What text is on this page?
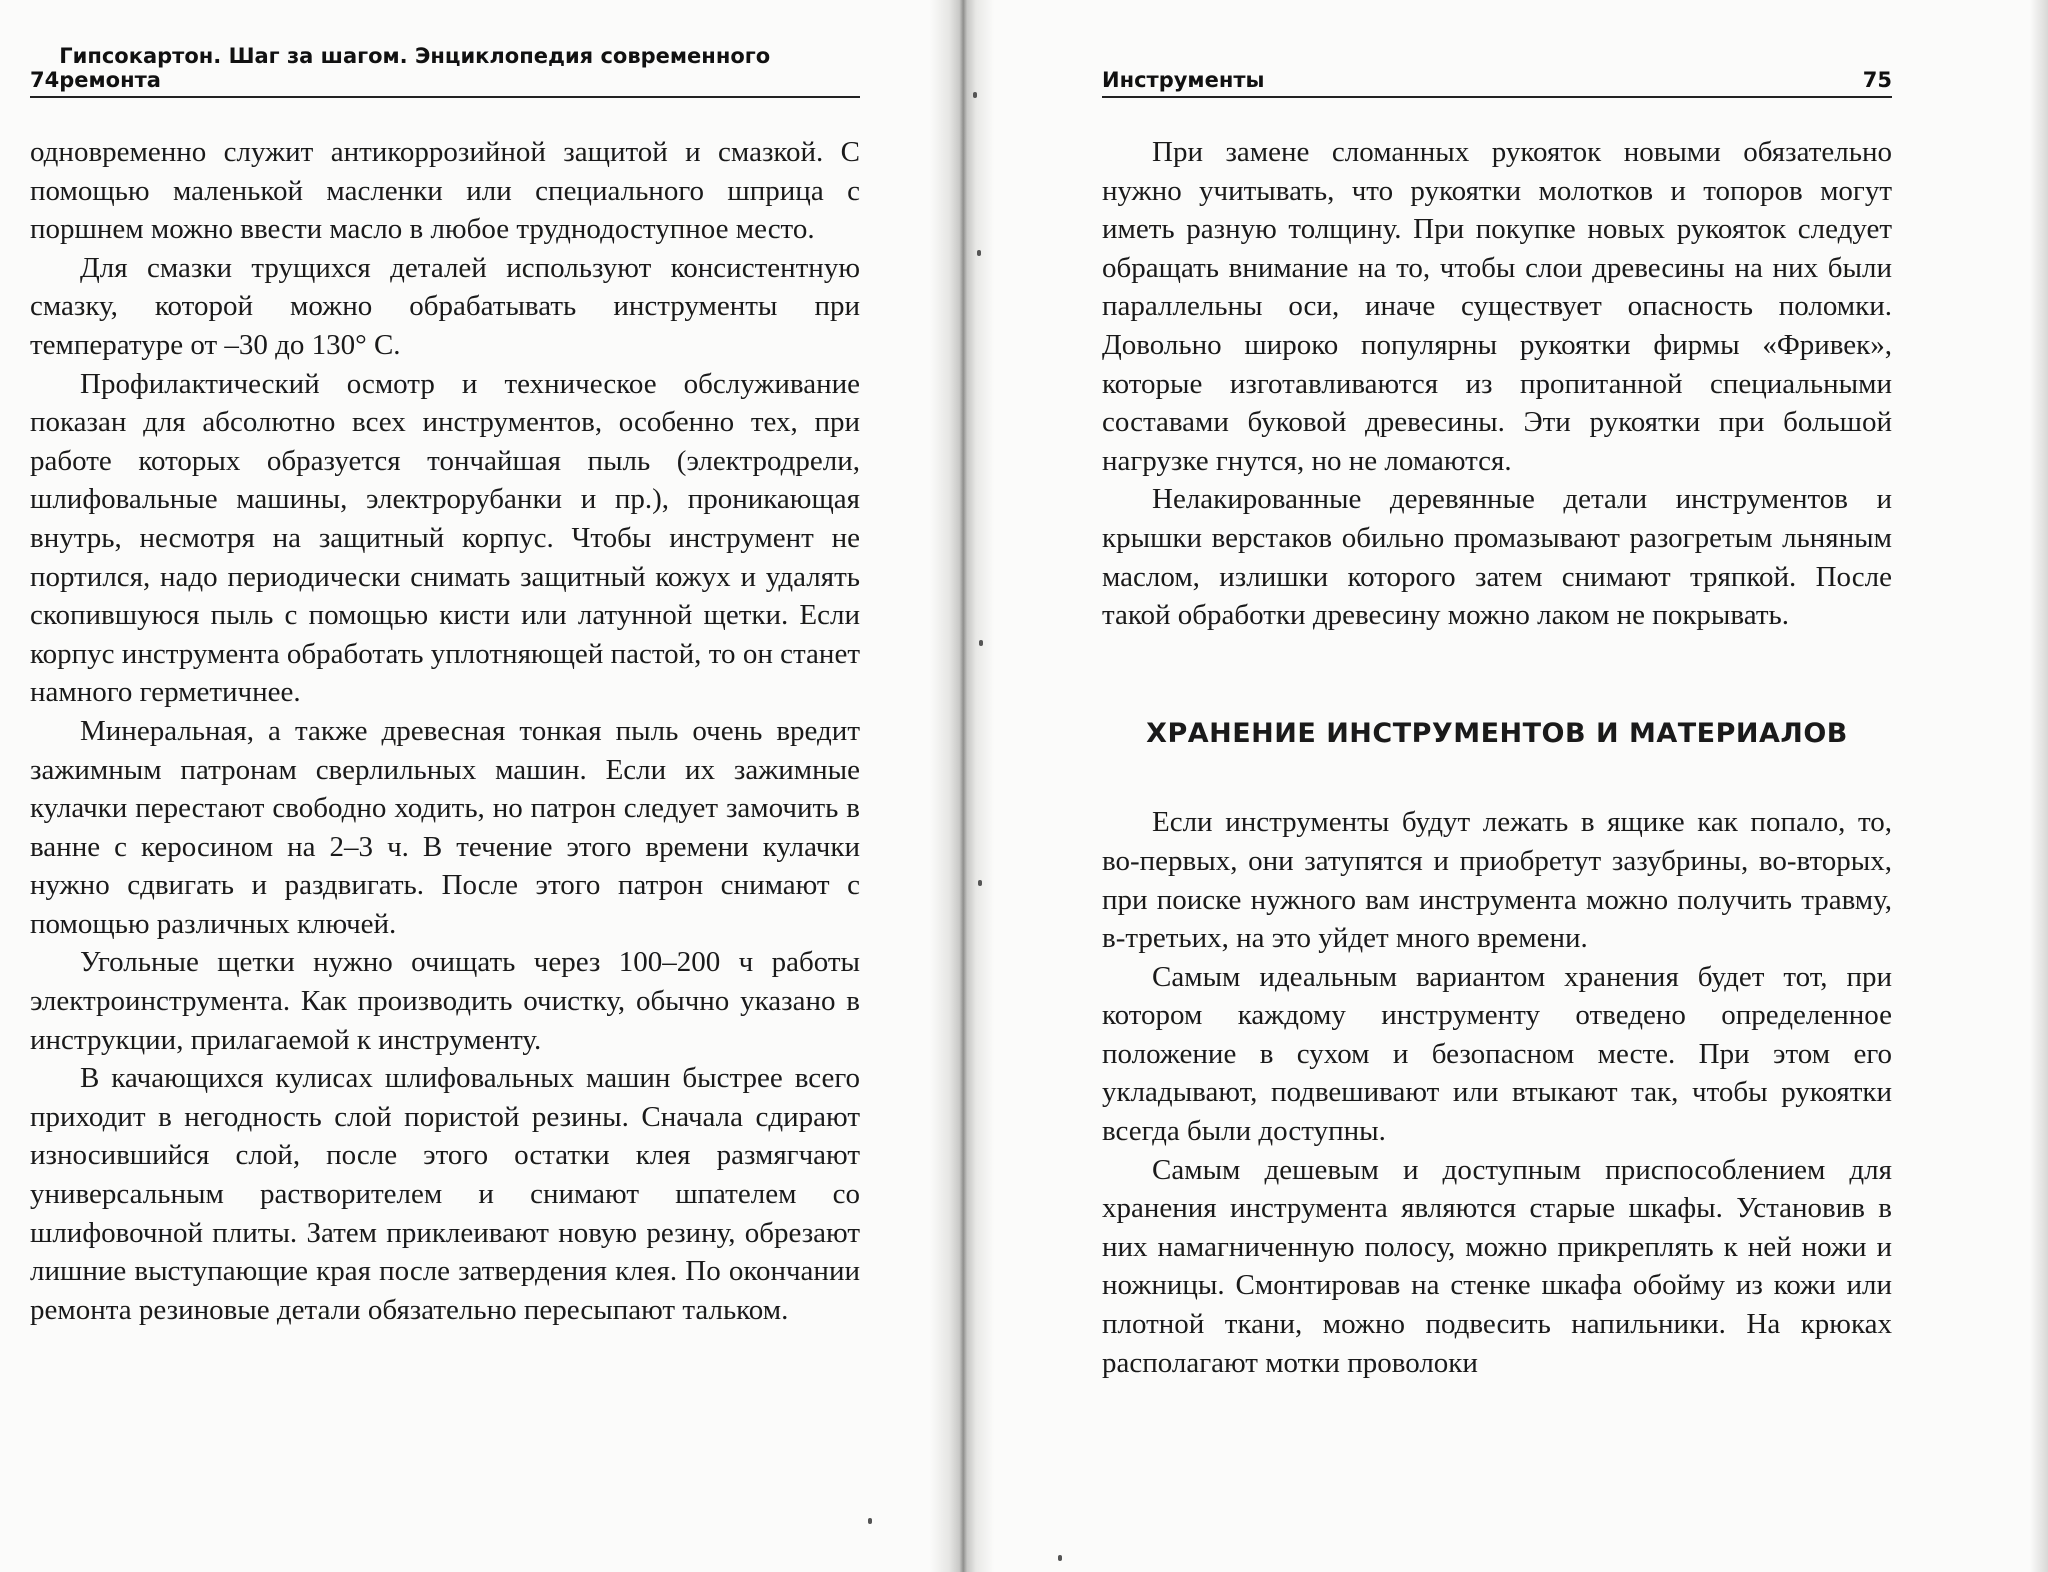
74
Гипсокартон. Шаг за шагом. Энциклопедия современного ремонта

одновременно служит антикоррозийной защитой и смазкой. С помощью маленькой масленки или специального шприца с поршнем можно ввести масло в любое труднодоступное место.

Для смазки трущихся деталей используют консистентную смазку, которой можно обрабатывать инструменты при температуре от –30 до 130° С.

Профилактический осмотр и техническое обслуживание показан для абсолютно всех инструментов, особенно тех, при работе которых образуется тончайшая пыль (электродрели, шлифовальные машины, электрорубанки и пр.), проникающая внутрь, несмотря на защитный корпус. Чтобы инструмент не портился, надо периодически снимать защитный кожух и удалять скопившуюся пыль с помощью кисти или латунной щетки. Если корпус инструмента обработать уплотняющей пастой, то он станет намного герметичнее.

Минеральная, а также древесная тонкая пыль очень вредит зажимным патронам сверлильных машин. Если их зажимные кулачки перестают свободно ходить, но патрон следует замочить в ванне с керосином на 2–3 ч. В течение этого времени кулачки нужно сдвигать и раздвигать. После этого патрон снимают с помощью различных ключей.

Угольные щетки нужно очищать через 100–200 ч работы электроинструмента. Как производить очистку, обычно указано в инструкции, прилагаемой к инструменту.

В качающихся кулисах шлифовальных машин быстрее всего приходит в негодность слой пористой резины. Сначала сдирают износившийся слой, после этого остатки клея размягчают универсальным растворителем и снимают шпателем со шлифовочной плиты. Затем приклеивают новую резину, обрезают лишние выступающие края после затвердения клея. По окончании ремонта резиновые детали обязательно пересыпают тальком.

Инструменты	75

При замене сломанных рукояток новыми обязательно нужно учитывать, что рукоятки молотков и топоров могут иметь разную толщину. При покупке новых рукояток следует обращать внимание на то, чтобы слои древесины на них были параллельны оси, иначе существует опасность поломки. Довольно широко популярны рукоятки фирмы «Фривек», которые изготавливаются из пропитанной специальными составами буковой древесины. Эти рукоятки при большой нагрузке гнутся, но не ломаются.

Нелакированные деревянные детали инструментов и крышки верстаков обильно промазывают разогретым льняным маслом, излишки которого затем снимают тряпкой. После такой обработки древесину можно лаком не покрывать.

ХРАНЕНИЕ ИНСТРУМЕНТОВ И МАТЕРИАЛОВ

Если инструменты будут лежать в ящике как попало, то, во-первых, они затупятся и приобретут зазубрины, во-вторых, при поиске нужного вам инструмента можно получить травму, в-третьих, на это уйдет много времени.

Самым идеальным вариантом хранения будет тот, при котором каждому инструменту отведено определенное положение в сухом и безопасном месте. При этом его укладывают, подвешивают или втыкают так, чтобы рукоятки всегда были доступны.

Самым дешевым и доступным приспособлением для хранения инструмента являются старые шкафы. Установив в них намагниченную полосу, можно прикреплять к ней ножи и ножницы. Смонтировав на стенке шкафа обойму из кожи или плотной ткани, можно подвесить напильники. На крюках располагают мотки проволоки
